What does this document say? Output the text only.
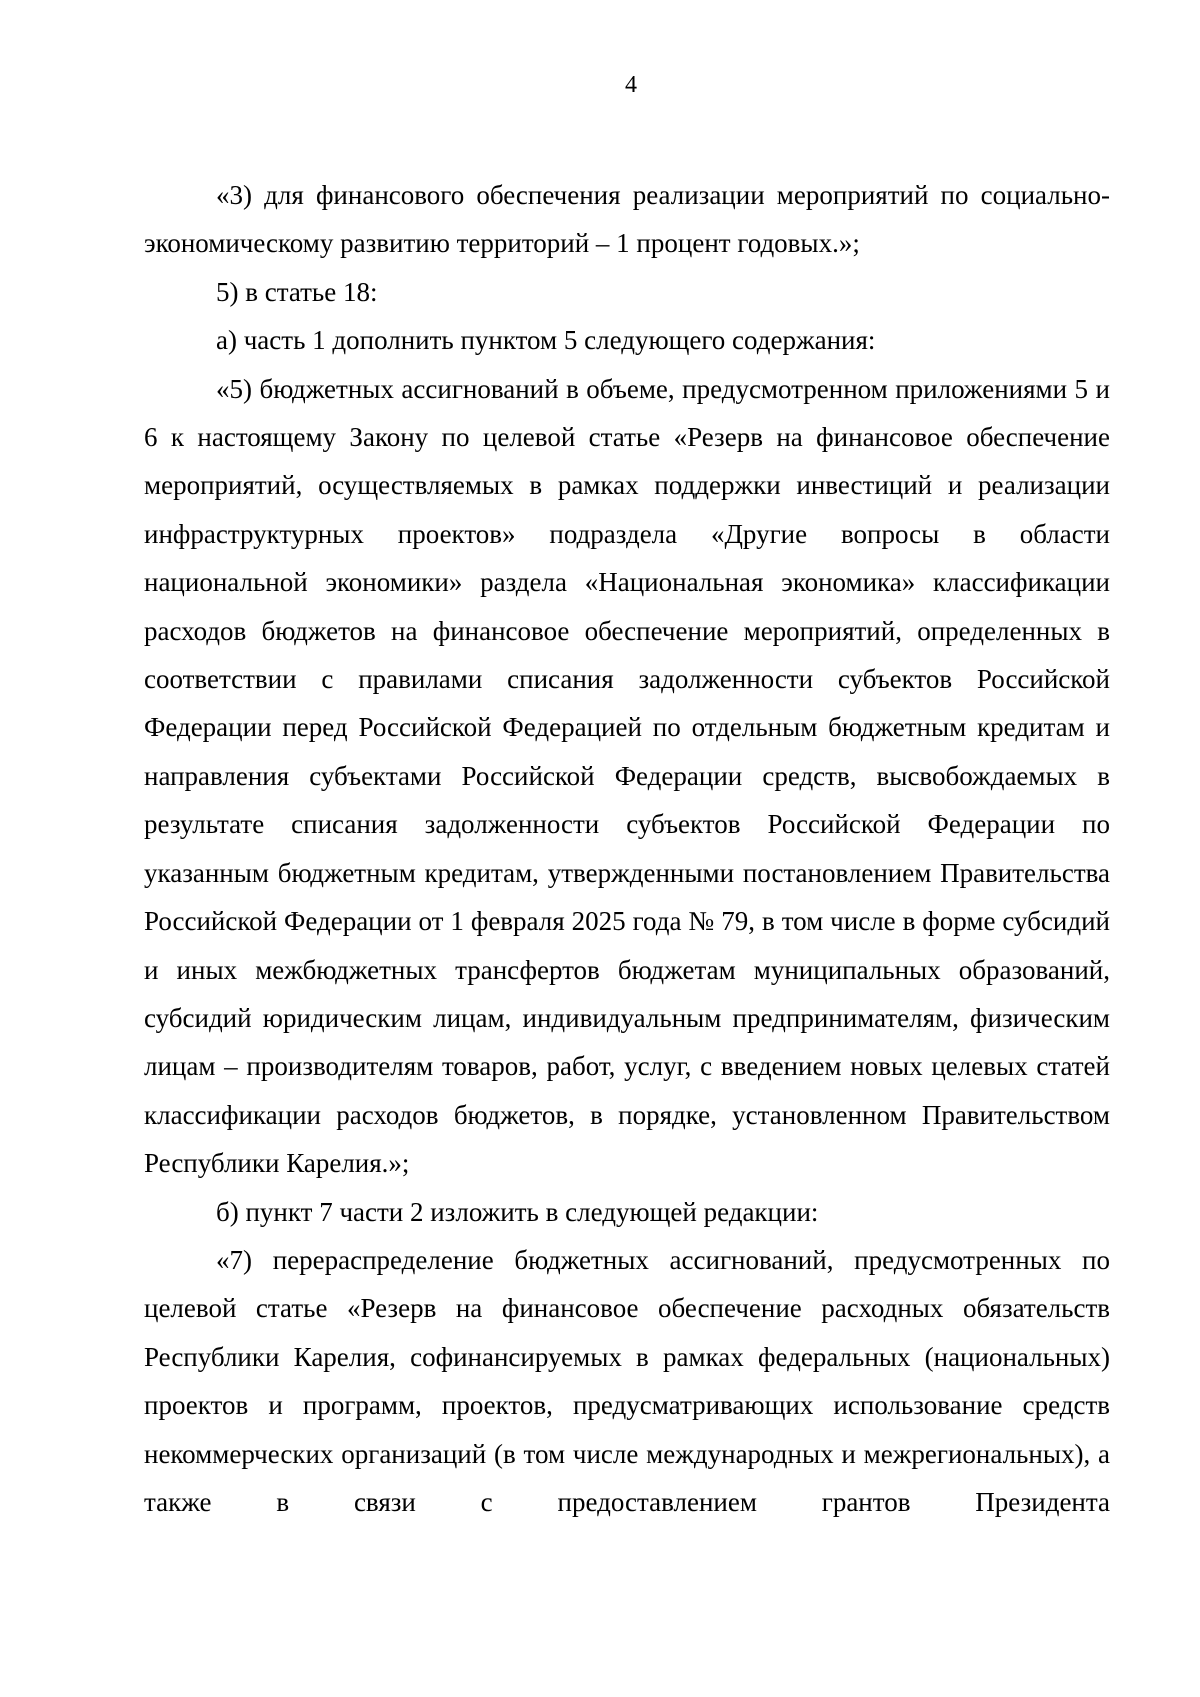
4

«3) для финансового обеспечения реализации мероприятий по социально-экономическому развитию территорий – 1 процент годовых.»;

5) в статье 18:

а) часть 1 дополнить пунктом 5 следующего содержания:

«5) бюджетных ассигнований в объеме, предусмотренном приложениями 5 и 6 к настоящему Закону по целевой статье «Резерв на финансовое обеспечение мероприятий, осуществляемых в рамках поддержки инвестиций и реализации инфраструктурных проектов» подраздела «Другие вопросы в области национальной экономики» раздела «Национальная экономика» классификации расходов бюджетов на финансовое обеспечение мероприятий, определенных в соответствии с правилами списания задолженности субъектов Российской Федерации перед Российской Федерацией по отдельным бюджетным кредитам и направления субъектами Российской Федерации средств, высвобождаемых в результате списания задолженности субъектов Российской Федерации по указанным бюджетным кредитам, утвержденными постановлением Правительства Российской Федерации от 1 февраля 2025 года № 79, в том числе в форме субсидий и иных межбюджетных трансфертов бюджетам муниципальных образований, субсидий юридическим лицам, индивидуальным предпринимателям, физическим лицам – производителям товаров, работ, услуг, с введением новых целевых статей классификации расходов бюджетов, в порядке, установленном Правительством Республики Карелия.»;

б) пункт 7 части 2 изложить в следующей редакции:

«7) перераспределение бюджетных ассигнований, предусмотренных по целевой статье «Резерв на финансовое обеспечение расходных обязательств Республики Карелия, софинансируемых в рамках федеральных (национальных) проектов и программ, проектов, предусматривающих использование средств некоммерческих организаций (в том числе международных и межрегиональных), а также в связи с предоставлением грантов Президента
